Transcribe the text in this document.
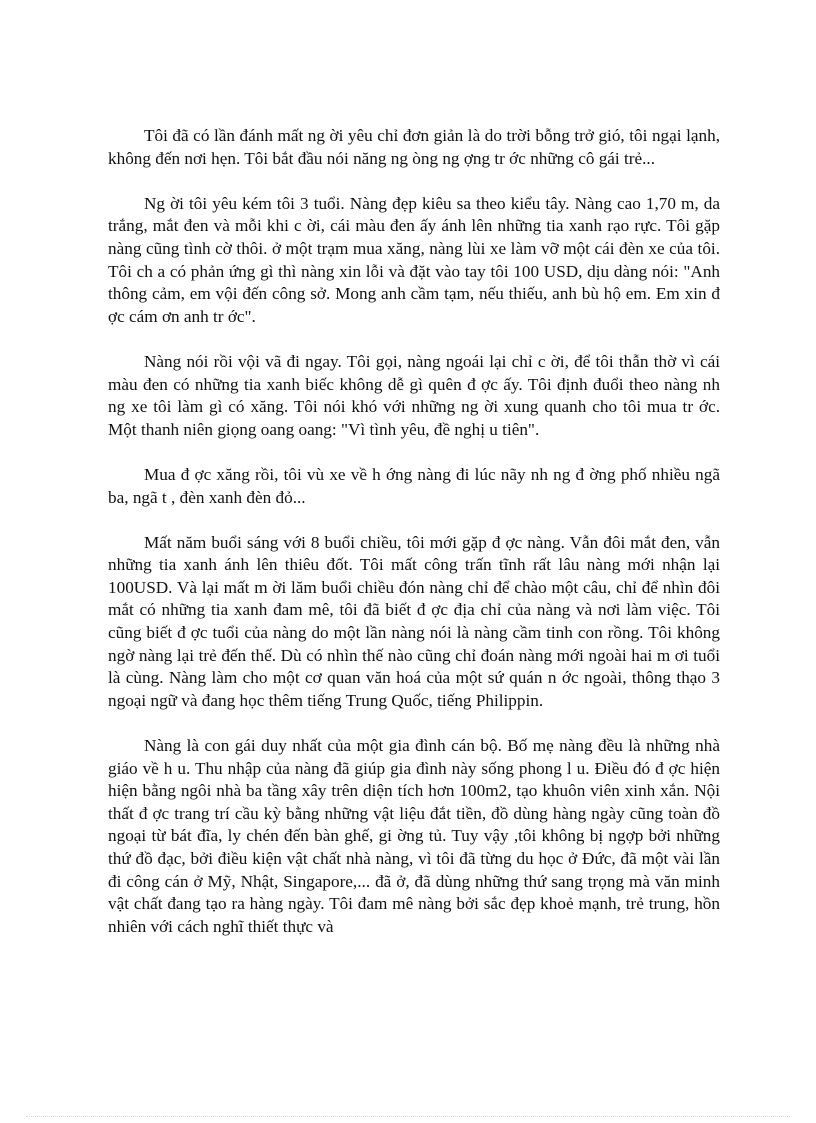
Tôi đã có lần đánh mất ng ời yêu chỉ đơn giản là do trời bỗng trở gió, tôi ngại lạnh, không đến nơi hẹn. Tôi bắt đầu nói năng ng òng ng ợng tr ớc những cô gái trẻ...

Ng ời tôi yêu kém tôi 3 tuổi. Nàng đẹp kiêu sa theo kiểu tây. Nàng cao 1,70 m, da trắng, mắt đen và mỗi khi c ời, cái màu đen ấy ánh lên những tia xanh rạo rực. Tôi gặp nàng cũng tình cờ thôi. ở một trạm mua xăng, nàng lùi xe làm vỡ một cái đèn xe của tôi. Tôi ch a có phản ứng gì thì nàng xin lỗi và đặt vào tay tôi 100 USD, dịu dàng nói: "Anh thông cảm, em vội đến công sở. Mong anh cầm tạm, nếu thiếu, anh bù hộ em. Em xin đ ợc cám ơn anh tr ớc".

Nàng nói rồi vội vã đi ngay. Tôi gọi, nàng ngoái lại chỉ c ời, để tôi thẫn thờ vì cái màu đen có những tia xanh biếc không dễ gì quên đ ợc ấy. Tôi định đuổi theo nàng nh ng xe tôi làm gì có xăng. Tôi nói khó với những ng ời xung quanh cho tôi mua tr ớc. Một thanh niên giọng oang oang: "Vì tình yêu, đề nghị u tiên".

Mua đ ợc xăng rồi, tôi vù xe về h ớng nàng đi lúc nãy nh ng đ ờng phố nhiều ngã ba, ngã t , đèn xanh đèn đỏ...

Mất năm buổi sáng với 8 buổi chiều, tôi mới gặp đ ợc nàng. Vẫn đôi mắt đen, vẫn những tia xanh ánh lên thiêu đốt. Tôi mất công trấn tĩnh rất lâu nàng mới nhận lại 100USD. Và lại mất m ời lăm buổi chiều đón nàng chỉ để chào một câu, chỉ để nhìn đôi mắt có những tia xanh đam mê, tôi đã biết đ ợc địa chỉ của nàng và nơi làm việc. Tôi cũng biết đ ợc tuổi của nàng do một lần nàng nói là nàng cầm tinh con rồng. Tôi không ngờ nàng lại trẻ đến thế. Dù có nhìn thế nào cũng chỉ đoán nàng mới ngoài hai m ơi tuổi là cùng. Nàng làm cho một cơ quan văn hoá của một sứ quán n ớc ngoài, thông thạo 3 ngoại ngữ và đang học thêm tiếng Trung Quốc, tiếng Philippin.

Nàng là con gái duy nhất của một gia đình cán bộ. Bố mẹ nàng đều là những nhà giáo về h u. Thu nhập của nàng đã giúp gia đình này sống phong l u. Điều đó đ ợc hiện hiện bằng ngôi nhà ba tầng xây trên diện tích hơn 100m2, tạo khuôn viên xinh xắn. Nội thất đ ợc trang trí cầu kỳ bằng những vật liệu đắt tiền, đồ dùng hàng ngày cũng toàn đồ ngoại từ bát đĩa, ly chén đến bàn ghế, gi ờng tủ. Tuy vậy ,tôi không bị ngợp bởi những thứ đồ đạc, bởi điều kiện vật chất nhà nàng, vì tôi đã từng du học ở Đức, đã một vài lần đi công cán ở Mỹ, Nhật, Singapore,... đã ở, đã dùng những thứ sang trọng mà văn minh vật chất đang tạo ra hàng ngày. Tôi đam mê nàng bởi sắc đẹp khoẻ mạnh, trẻ trung, hồn nhiên với cách nghĩ thiết thực và
